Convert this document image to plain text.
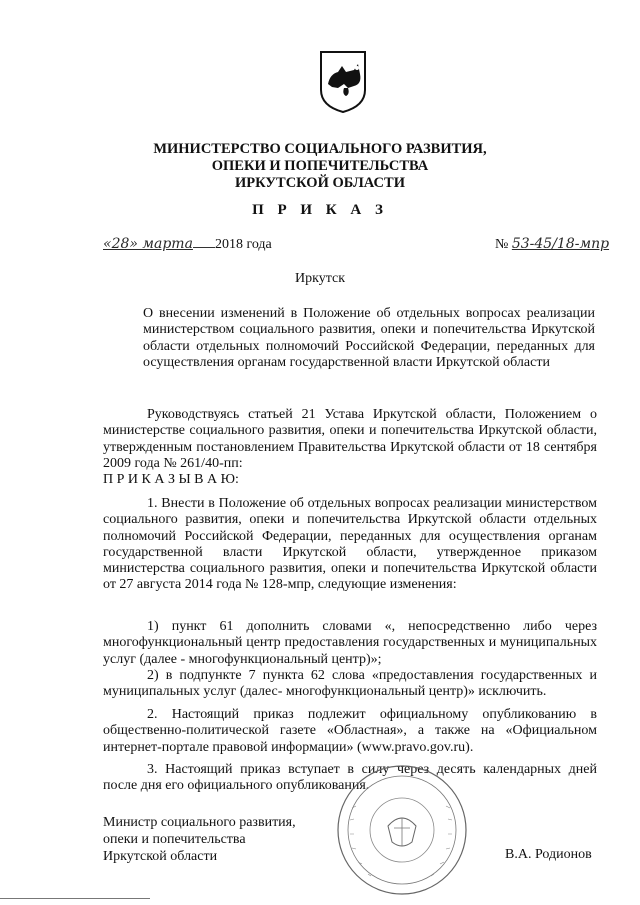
МИНИСТЕРСТВО СОЦИАЛЬНОГО РАЗВИТИЯ,
ОПЕКИ И ПОПЕЧИТЕЛЬСТВА
ИРКУТСКОЙ ОБЛАСТИ
П Р И К А З
«28» марта 2018 года	№ 53-45/18-мпр
Иркутск
О внесении изменений в Положение об отдельных вопросах реализации министерством социального развития, опеки и попечительства Иркутской области отдельных полномочий Российской Федерации, переданных для осуществления органам государственной власти Иркутской области
Руководствуясь статьей 21 Устава Иркутской области, Положением о министерстве социального развития, опеки и попечительства Иркутской области, утвержденным постановлением Правительства Иркутской области от 18 сентября 2009 года № 261/40-пп:
П Р И К А З Ы В А Ю:
1. Внести в Положение об отдельных вопросах реализации министерством социального развития, опеки и попечительства Иркутской области отдельных полномочий Российской Федерации, переданных для осуществления органам государственной власти Иркутской области, утвержденное приказом министерства социального развития, опеки и попечительства Иркутской области от 27 августа 2014 года № 128-мпр, следующие изменения:
1) пункт 61 дополнить словами «, непосредственно либо через многофункциональный центр предоставления государственных и муниципальных услуг (далее - многофункциональный центр)»;
2) в подпункте 7 пункта 62 слова «предоставления государственных и муниципальных услуг (далес- многофункциональный центр)» исключить.
2. Настоящий приказ подлежит официальному опубликованию в общественно-политической газете «Областная», а также на «Официальном интернет-портале правовой информации» (www.pravo.gov.ru).
3. Настоящий приказ вступает в силу через десять календарных дней после дня его официального опубликования.
Министр социального развития,
опеки и попечительства
Иркутской области	В.А. Родионов
